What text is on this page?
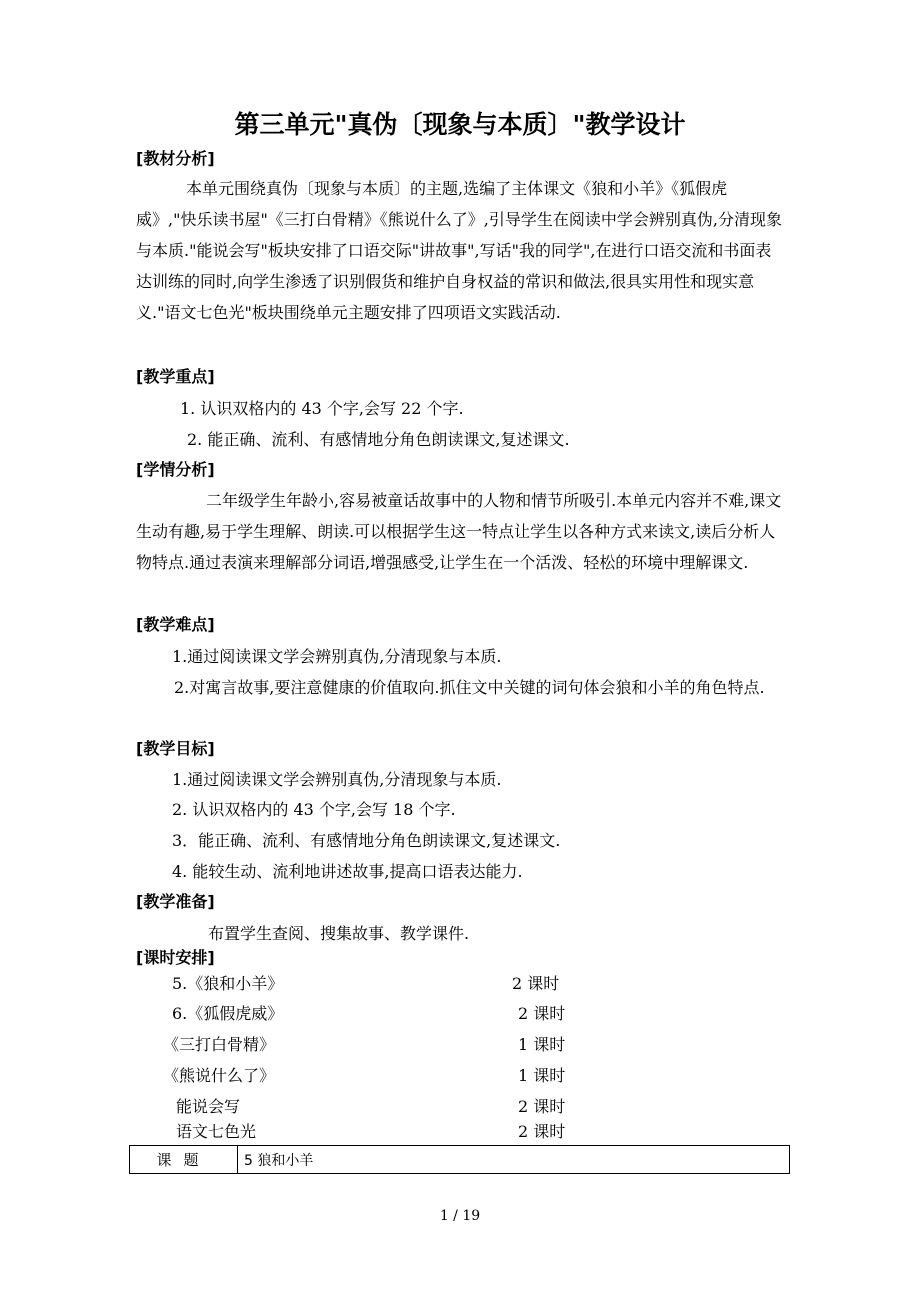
第三单元"真伪〔现象与本质〕"教学设计
[教材分析]
本单元围绕真伪〔现象与本质〕的主题,选编了主体课文《狼和小羊》《狐假虎威》,"快乐读书屋"《三打白骨精》《熊说什么了》,引导学生在阅读中学会辨别真伪,分清现象与本质."能说会写"板块安排了口语交际"讲故事",写话"我的同学",在进行口语交流和书面表达训练的同时,向学生渗透了识别假货和维护自身权益的常识和做法,很具实用性和现实意义."语文七色光"板块围绕单元主题安排了四项语文实践活动.
[教学重点]
1. 认识双格内的 43 个字,会写 22 个字.
2. 能正确、流利、有感情地分角色朗读课文,复述课文.
[学情分析]
二年级学生年龄小,容易被童话故事中的人物和情节所吸引.本单元内容并不难,课文生动有趣,易于学生理解、朗读.可以根据学生这一特点让学生以各种方式来读文,读后分析人物特点.通过表演来理解部分词语,增强感受,让学生在一个活泼、轻松的环境中理解课文.
[教学难点]
1.通过阅读课文学会辨别真伪,分清现象与本质.
2.对寓言故事,要注意健康的价值取向.抓住文中关键的词句体会狼和小羊的角色特点.
[教学目标]
1.通过阅读课文学会辨别真伪,分清现象与本质.
2. 认识双格内的 43 个字,会写 18 个字.
3．能正确、流利、有感情地分角色朗读课文,复述课文.
4. 能较生动、流利地讲述故事,提高口语表达能力.
[教学准备]
布置学生查阅、搜集故事、教学课件.
[课时安排]
5.《狼和小羊》	2 课时
6.《狐假虎威》	2 课时
《三打白骨精》	1 课时
《熊说什么了》	1 课时
能说会写	2 课时
语文七色光	2 课时
课题	5 狼和小羊
1 / 19
